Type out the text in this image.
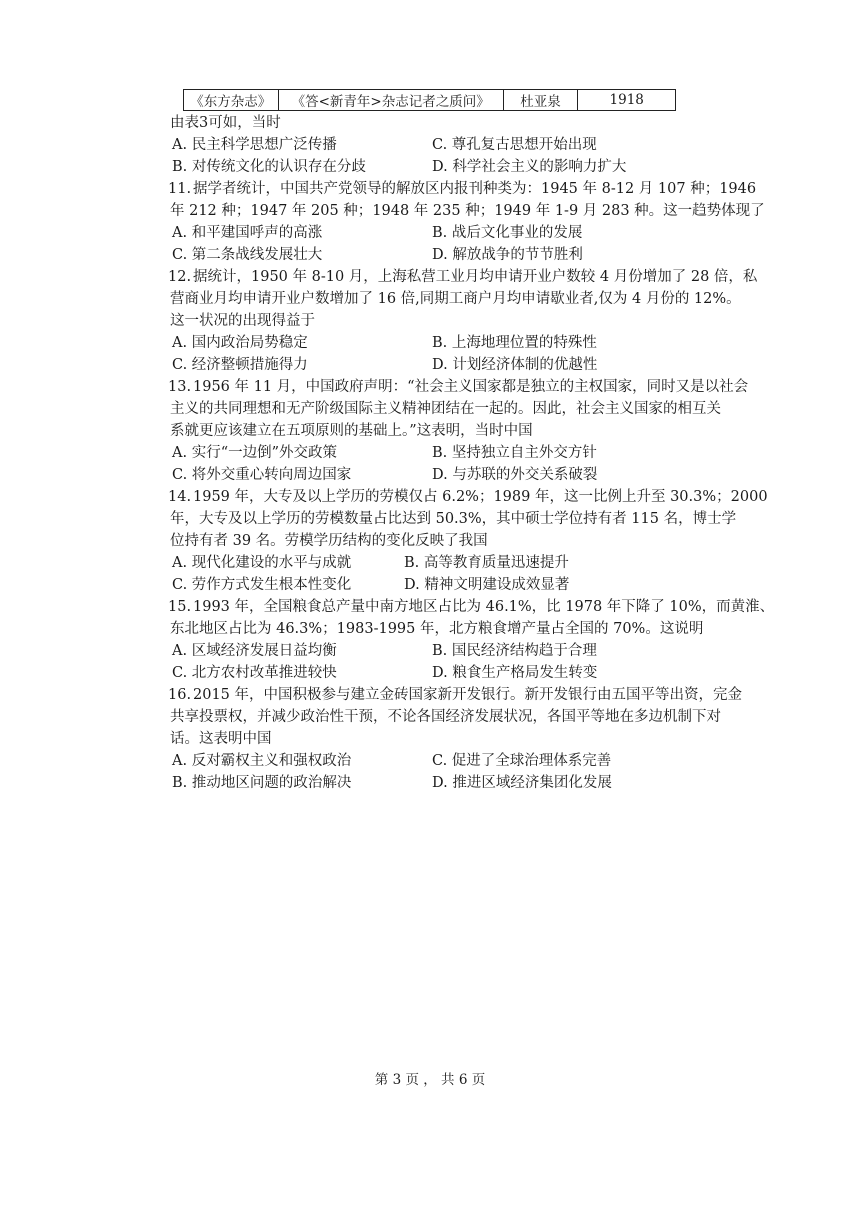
《东方杂志》	《答<新青年>杂志记者之质问》	杜亚泉	1918
由表3可如，当时
A. 民主科学思想广泛传播	C. 尊孔复古思想开始出现
B. 对传统文化的认识存在分歧	D. 科学社会主义的影响力扩大
11. 据学者统计，中国共产党领导的解放区内报刊种类为：1945 年 8-12 月 107 种；1946
年 212 种；1947 年 205 种；1948 年 235 种；1949 年 1-9 月 283 种。这一趋势体现了
A. 和平建国呼声的高涨	B. 战后文化事业的发展
C. 第二条战线发展壮大	D. 解放战争的节节胜利
12. 据统计，1950 年 8-10 月，上海私营工业月均申请开业户数较 4 月份增加了 28 倍，私
营商业月均申请开业户数增加了 16 倍,同期工商户月均申请歇业者,仅为 4 月份的 12%。
这一状况的出现得益于
A. 国内政治局势稳定	B. 上海地理位置的特殊性
C. 经济整顿措施得力	D. 计划经济体制的优越性
13. 1956 年 11 月，中国政府声明：“社会主义国家都是独立的主权国家，同时又是以社会
主义的共同理想和无产阶级国际主义精神团结在一起的。因此，社会主义国家的相互关
系就更应该建立在五项原则的基础上。”这表明，当时中国
A. 实行“一边倒”外交政策	B. 坚持独立自主外交方针
C. 将外交重心转向周边国家	D. 与苏联的外交关系破裂
14. 1959 年，大专及以上学历的劳模仅占 6.2%；1989 年，这一比例上升至 30.3%；2000
年，大专及以上学历的劳模数量占比达到 50.3%，其中硕士学位持有者 115 名，博士学
位持有者 39 名。劳模学历结构的变化反映了我国
A. 现代化建设的水平与成就	B. 高等教育质量迅速提升
C. 劳作方式发生根本性变化	D. 精神文明建设成效显著
15. 1993 年，全国粮食总产量中南方地区占比为 46.1%，比 1978 年下降了 10%，而黄淮、
东北地区占比为 46.3%；1983-1995 年，北方粮食增产量占全国的 70%。这说明
A. 区域经济发展日益均衡	B. 国民经济结构趋于合理
C. 北方农村改革推进较快	D. 粮食生产格局发生转变
16. 2015 年，中国积极参与建立金砖国家新开发银行。新开发银行由五国平等出资，完金
共享投票权，并减少政治性干预，不论各国经济发展状况，各国平等地在多边机制下对
话。这表明中国
A. 反对霸权主义和强权政治	C. 促进了全球治理体系完善
B. 推动地区问题的政治解决	D. 推进区域经济集团化发展
第 3 页 ， 共 6 页
